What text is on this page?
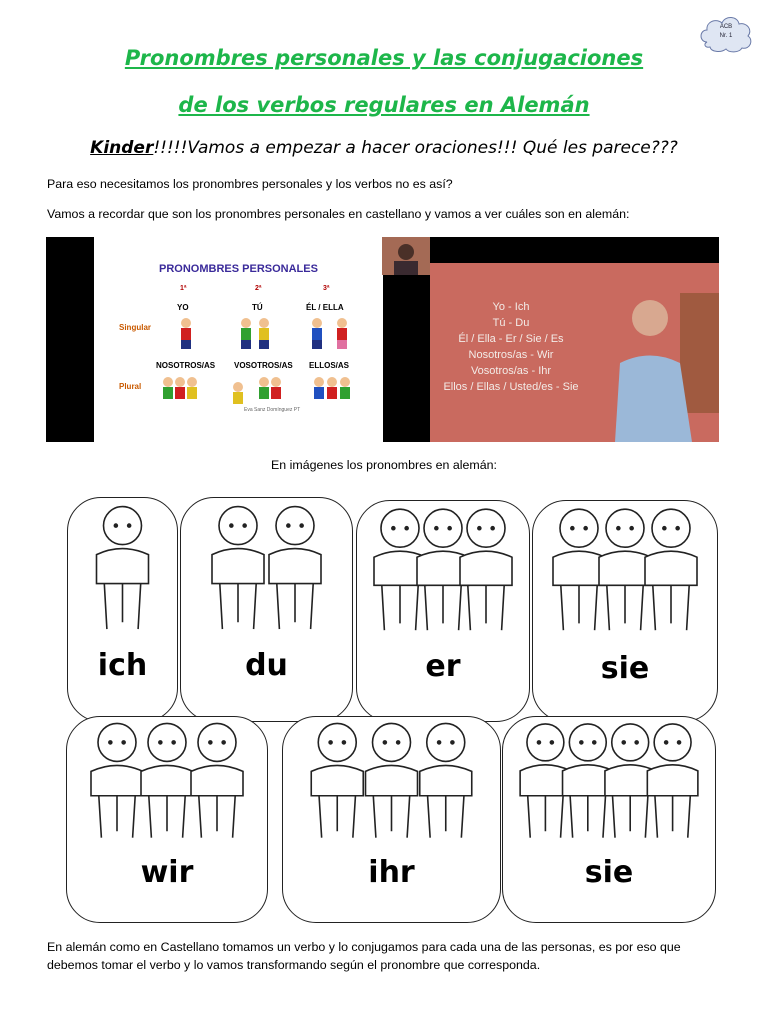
ACB
Nr. 1
Pronombres personales y las conjugaciones
de los verbos regulares en Alemán
Kinder!!!!!Vamos a empezar a hacer oraciones!!! Qué les parece???
Para eso necesitamos los pronombres personales y los verbos no es así?
Vamos a recordar que son los pronombres personales en castellano y vamos a ver cuáles son en alemán:
PRONOMBRES PERSONALES
1ª	2ª	3ª
YO	TÚ	ÉL / ELLA
Singular
Plural
NOSOTROS/AS VOSOTROS/AS ELLOS/AS
Eva Sanz Domínguez PT
Yo - Ich
Tú - Du
Él / Ella - Er / Sie / Es
Nosotros/as - Wir
Vosotros/as - Ihr
Ellos / Ellas / Usted/es - Sie
En imágenes los pronombres en alemán:
ich	du	er	sie
wir	ihr	sie
En alemán como en Castellano tomamos un verbo y lo conjugamos para cada una de las personas, es por eso que debemos tomar el verbo y lo vamos transformando según el pronombre que corresponda.
